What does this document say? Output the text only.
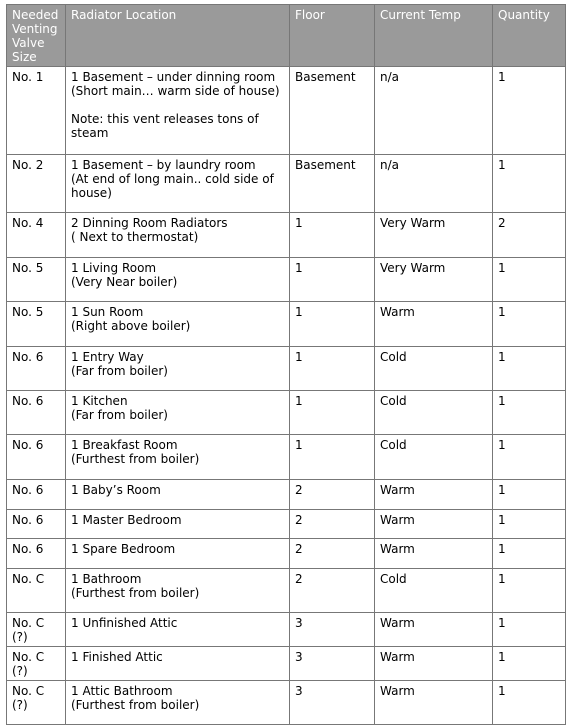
Needed
Venting
Valve
Size	Radiator Location	Floor	Current Temp	Quantity

No. 1	1 Basement – under dinning room
(Short main… warm side of house)
Note: this vent releases tons of
steam	Basement	n/a	1

No. 2	1 Basement – by laundry room
(At end of long main.. cold side of
house)	Basement	n/a	1

No. 4	2 Dinning Room Radiators
( Next to thermostat)	1	Very Warm	2

No. 5	1 Living Room
(Very Near boiler)	1	Very Warm	1

No. 5	1 Sun Room
(Right above boiler)	1	Warm	1

No. 6	1 Entry Way
(Far from boiler)	1	Cold	1

No. 6	1 Kitchen
(Far from boiler)	1	Cold	1

No. 6	1 Breakfast Room
(Furthest from boiler)	1	Cold	1

No. 6	1 Baby’s Room	2	Warm	1

No. 6	1 Master Bedroom	2	Warm	1

No. 6	1 Spare Bedroom	2	Warm	1

No. C	1 Bathroom
(Furthest from boiler)	2	Cold	1

No. C
(?)	1 Unfinished Attic	3	Warm	1

No. C
(?)	1 Finished Attic	3	Warm	1

No. C
(?)	1 Attic Bathroom
(Furthest from boiler)	3	Warm	1
